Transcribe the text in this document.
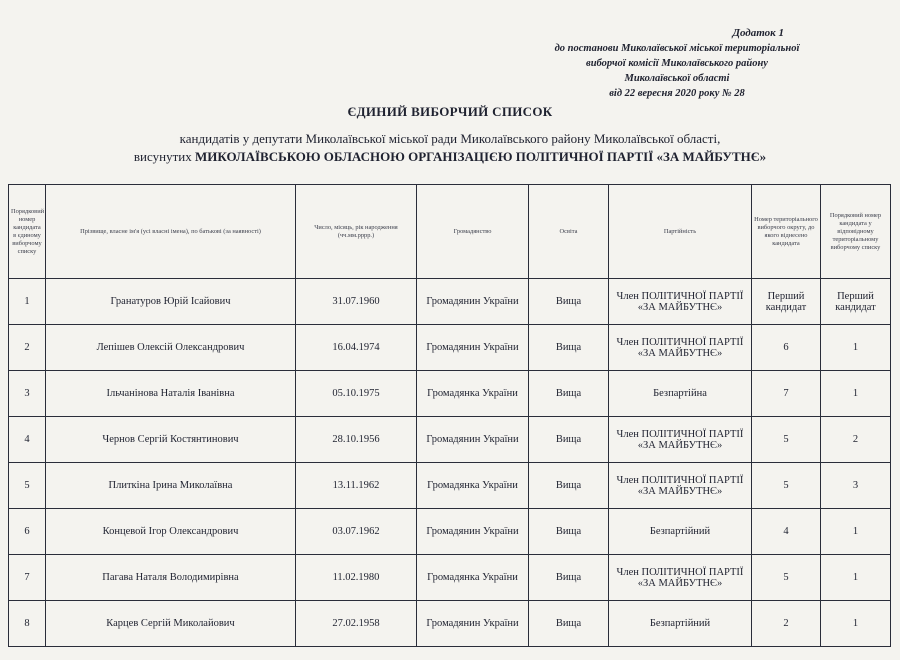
Додаток 1
до постанови Миколаївської міської територіальної
виборчої комісії Миколаївського району
Миколаївської області
від 22 вересня 2020 року № 28
ЄДИНИЙ ВИБОРЧИЙ СПИСОК
кандидатів у депутати Миколаївської міської ради Миколаївського району Миколаївської області,
висунутих МИКОЛАЇВСЬКОЮ ОБЛАСНОЮ ОРГАНІЗАЦІЄЮ ПОЛІТИЧНОЇ ПАРТІЇ «ЗА МАЙБУТНЄ»
Порядковий номер кандидата в єдиному виборчому списку	Прізвище, власне ім'я (усі власні імена), по батькові (за наявності)	Число, місяць, рік народження (чч.мм.рррр.)	Громадянство	Освіта	Партійність	Номер територіального виборчого округу, до якого віднесено кандидата	Порядковий номер кандидата у відповідному територіальному виборчому списку
1	Гранатуров Юрій Ісайович	31.07.1960	Громадянин України	Вища	Член ПОЛІТИЧНОЇ ПАРТІЇ «ЗА МАЙБУТНЄ»	Перший кандидат	Перший кандидат
2	Лепішев Олексій Олександрович	16.04.1974	Громадянин України	Вища	Член ПОЛІТИЧНОЇ ПАРТІЇ «ЗА МАЙБУТНЄ»	6	1
3	Ільчанінова Наталія Іванівна	05.10.1975	Громадянка України	Вища	Безпартійна	7	1
4	Чернов Сергій Костянтинович	28.10.1956	Громадянин України	Вища	Член ПОЛІТИЧНОЇ ПАРТІЇ «ЗА МАЙБУТНЄ»	5	2
5	Плиткіна Ірина Миколаївна	13.11.1962	Громадянка України	Вища	Член ПОЛІТИЧНОЇ ПАРТІЇ «ЗА МАЙБУТНЄ»	5	3
6	Концевой Ігор Олександрович	03.07.1962	Громадянин України	Вища	Безпартійний	4	1
7	Пагава Наталя Володимирівна	11.02.1980	Громадянка України	Вища	Член ПОЛІТИЧНОЇ ПАРТІЇ «ЗА МАЙБУТНЄ»	5	1
8	Карцев Сергій Миколайович	27.02.1958	Громадянин України	Вища	Безпартійний	2	1
